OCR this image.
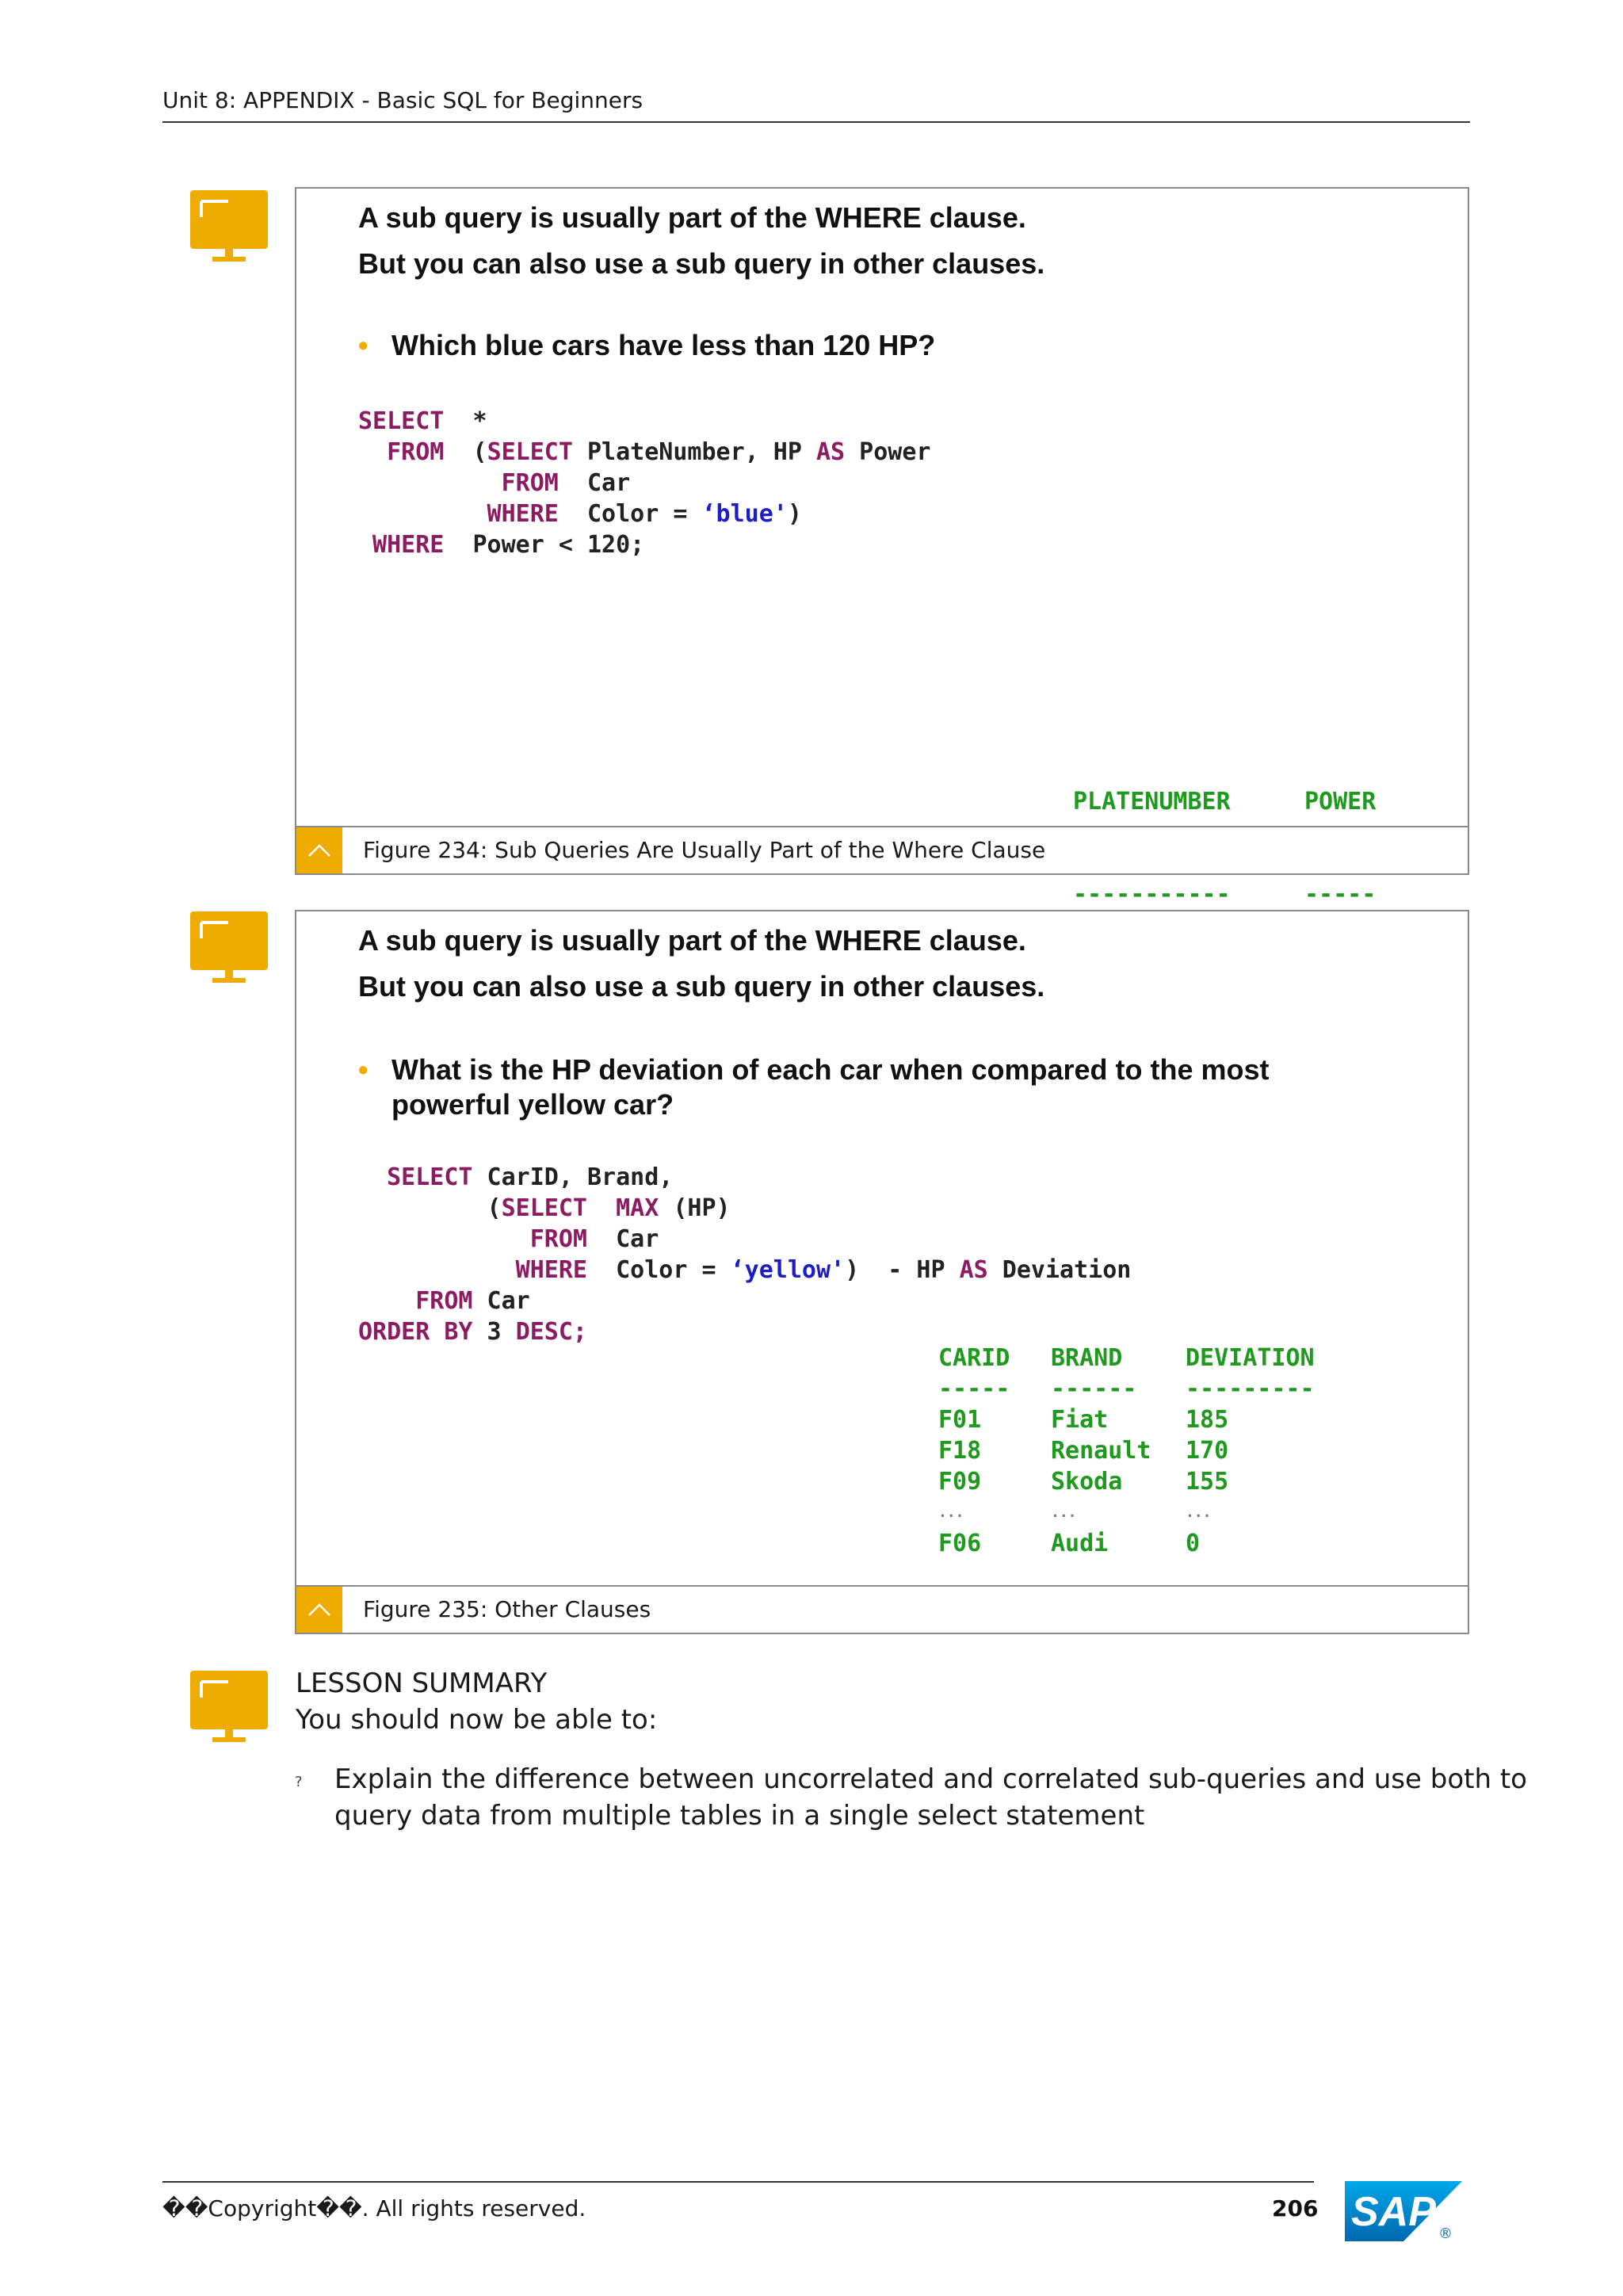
Unit 8: APPENDIX - Basic SQL for Beginners
A sub query is usually part of the WHERE clause.
But you can also use a sub query in other clauses.
• Which blue cars have less than 120 HP?
SELECT  *
FROM  (SELECT PlateNumber, HP AS Power
FROM  Car
WHERE  Color = ‘blue')
WHERE  Power < 120;

PLATENUMBER

-----------

POWER

-----

Figure 234: Sub Queries Are Usually Part of the Where Clause
A sub query is usually part of the WHERE clause.
But you can also use a sub query in other clauses.
• What is the HP deviation of each car when compared to the most
powerful yellow car?
SELECT CarID, Brand,
(SELECT MAX (HP)
FROM  Car
WHERE  Color = ‘yellow')  - HP AS Deviation
FROM Car
ORDER BY 3 DESC;
CARID
-----
F01
F18
F09
...
F06
BRAND
------
Fiat
Renault
Skoda
...
Audi
DEVIATION
---------
185
170
155
...
0
Figure 235: Other Clauses
LESSON SUMMARY
You should now be able to:
? Explain the difference between uncorrelated and correlated sub-queries and use both to query data from multiple tables in a single select statement
��Copyright��. All rights reserved.	206 SAP ®
